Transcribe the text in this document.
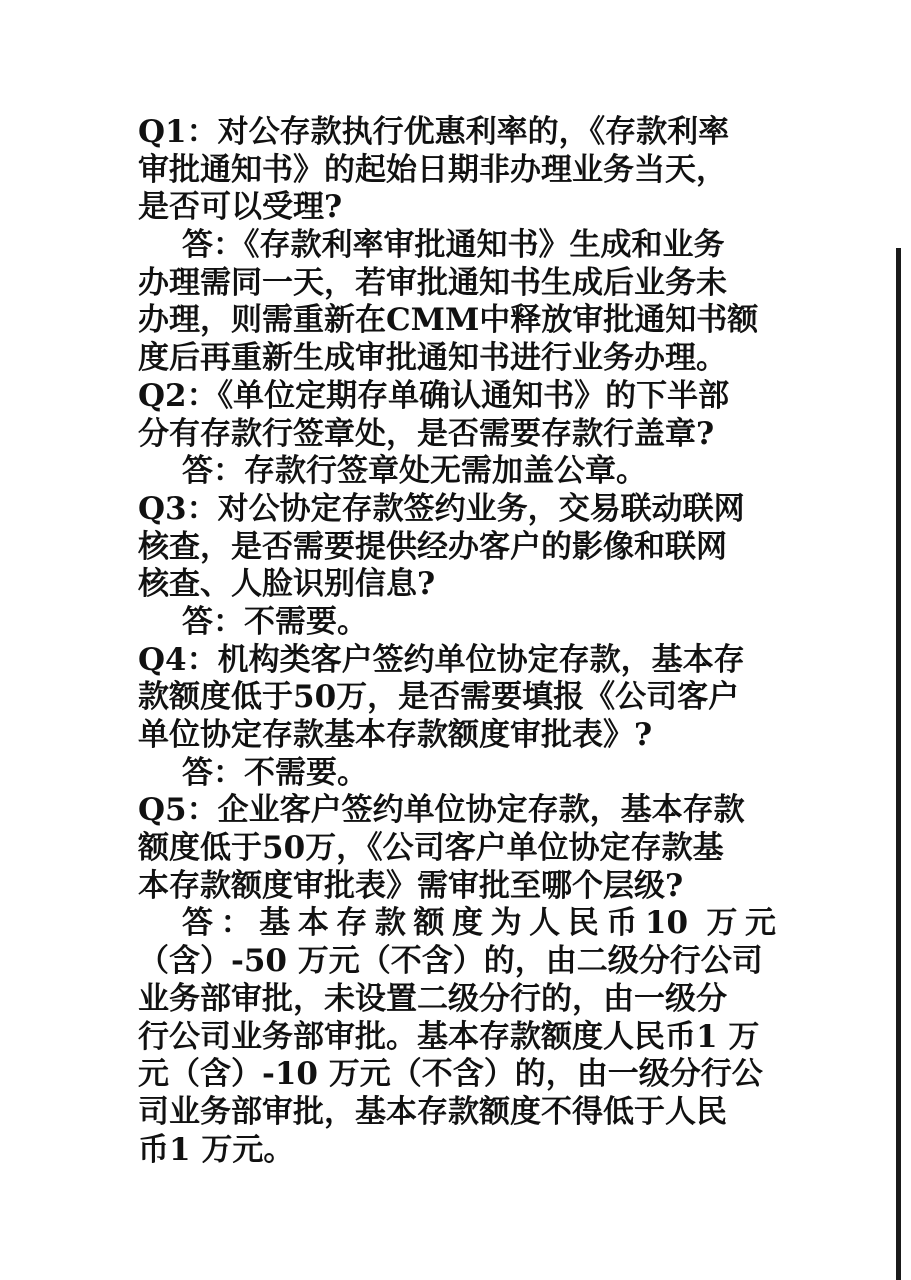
Q1：对公存款执行优惠利率的，《存款利率
审批通知书》的起始日期非办理业务当天，
是否可以受理?
答：《存款利率审批通知书》生成和业务
办理需同一天，若审批通知书生成后业务未
办理，则需重新在CMM中释放审批通知书额
度后再重新生成审批通知书进行业务办理。
Q2：《单位定期存单确认通知书》的下半部
分有存款行签章处，是否需要存款行盖章?
答：存款行签章处无需加盖公章。
Q3：对公协定存款签约业务，交易联动联网
核查，是否需要提供经办客户的影像和联网
核查、人脸识别信息?
答：不需要。
Q4：机构类客户签约单位协定存款，基本存
款额度低于50万，是否需要填报《公司客户
单位协定存款基本存款额度审批表》?
答：不需要。
Q5：企业客户签约单位协定存款，基本存款
额度低于50万，《公司客户单位协定存款基
本存款额度审批表》需审批至哪个层级?
答：基本存款额度为人民币10 万元
（含）-50 万元（不含）的，由二级分行公司
业务部审批，未设置二级分行的，由一级分
行公司业务部审批。基本存款额度人民币1 万
元（含）-10 万元（不含）的，由一级分行公
司业务部审批，基本存款额度不得低于人民
币1 万元。
